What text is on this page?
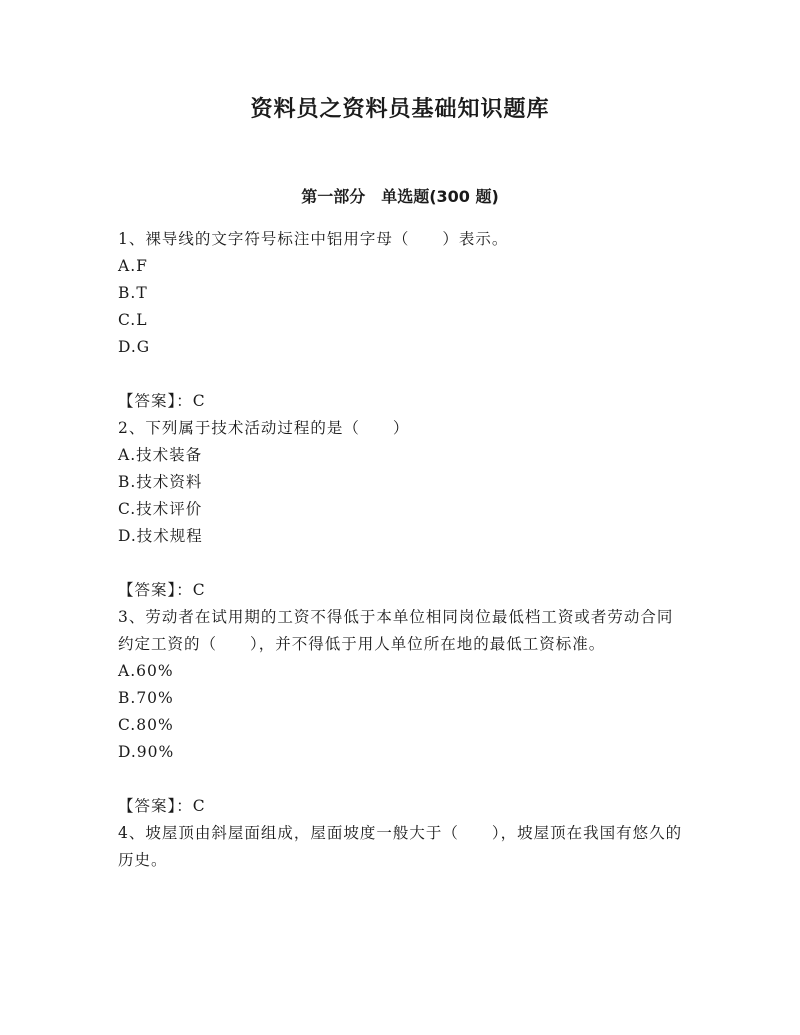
资料员之资料员基础知识题库
第一部分　单选题(300 题)

1、裸导线的文字符号标注中铝用字母（　　）表示。

A.F

B.T

C.L

D.G

【答案】：C

2、下列属于技术活动过程的是（　　）

A.技术装备

B.技术资料

C.技术评价

D.技术规程

【答案】：C

3、劳动者在试用期的工资不得低于本单位相同岗位最低档工资或者劳动合同约定工资的（　　），并不得低于用人单位所在地的最低工资标准。

A.60%

B.70%

C.80%

D.90%

【答案】：C

4、坡屋顶由斜屋面组成，屋面坡度一般大于（　　），坡屋顶在我国有悠久的历史。
